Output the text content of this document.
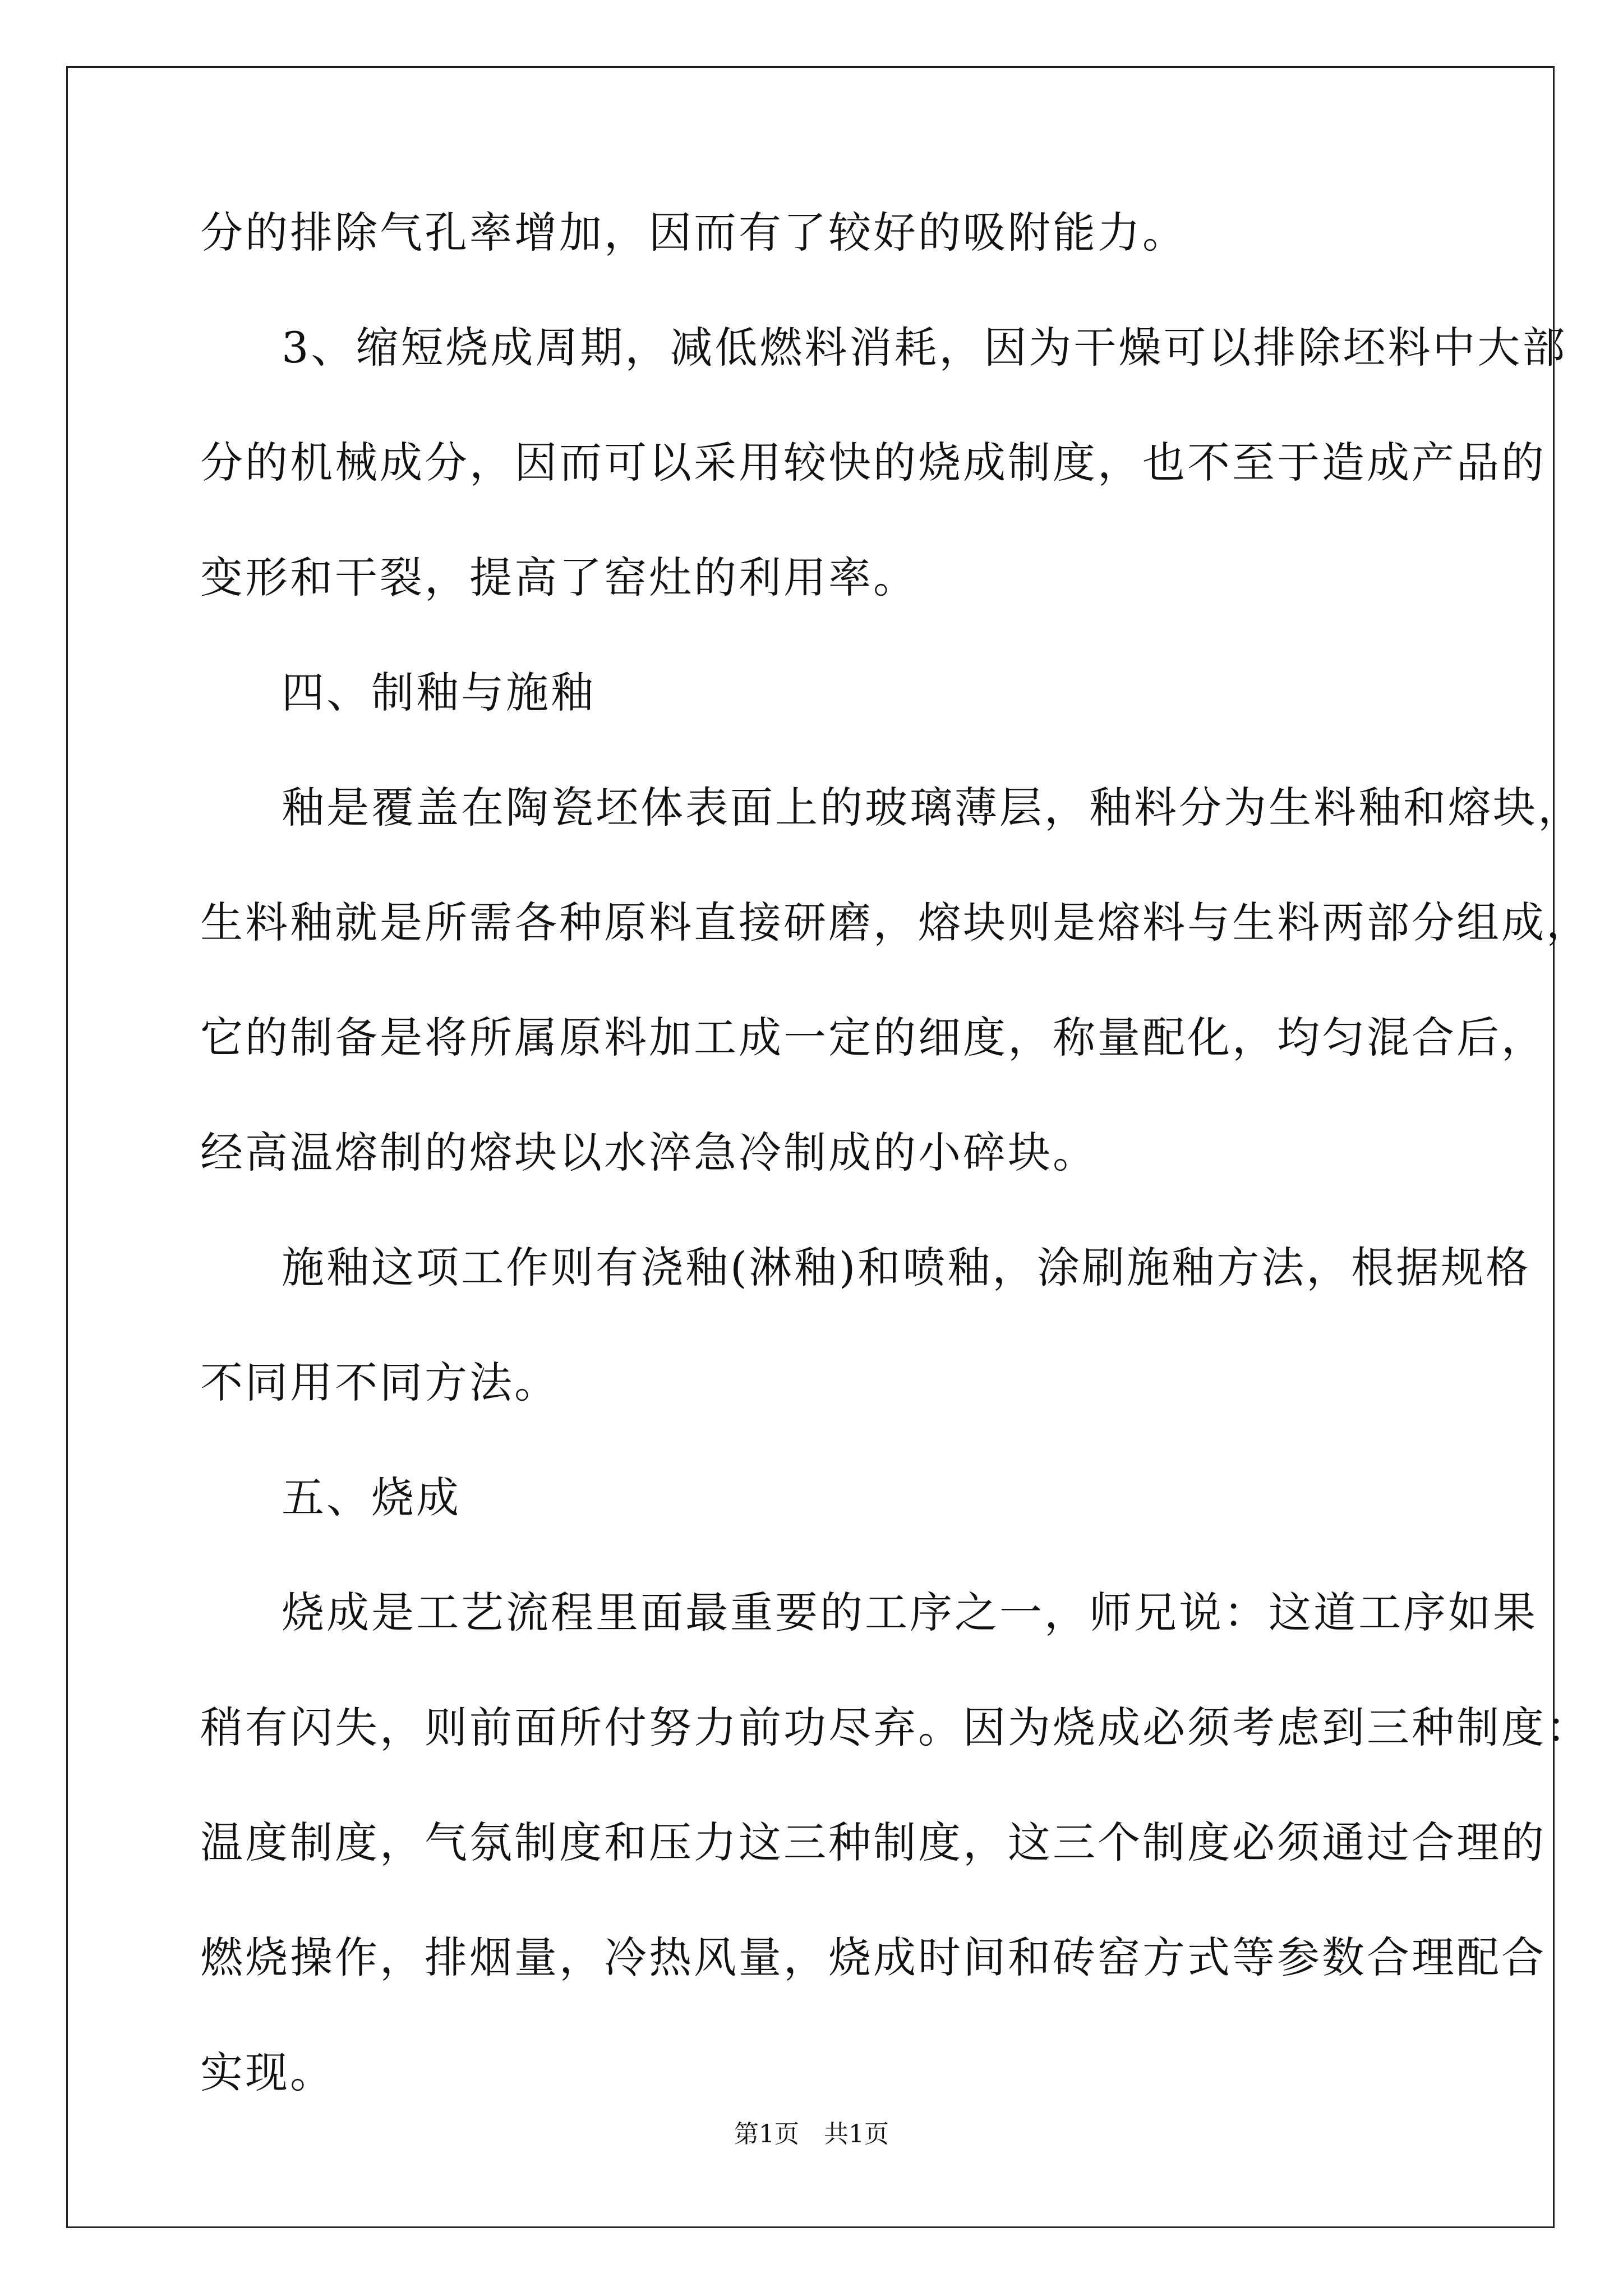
分的排除气孔率增加，因而有了较好的吸附能力。
3、缩短烧成周期，减低燃料消耗，因为干燥可以排除坯料中大部
分的机械成分，因而可以采用较快的烧成制度，也不至于造成产品的
变形和干裂，提高了窑灶的利用率。
四、制釉与施釉
釉是覆盖在陶瓷坯体表面上的玻璃薄层，釉料分为生料釉和熔块，
生料釉就是所需各种原料直接研磨，熔块则是熔料与生料两部分组成，
它的制备是将所属原料加工成一定的细度，称量配化，均匀混合后，
经高温熔制的熔块以水淬急冷制成的小碎块。
施釉这项工作则有浇釉(淋釉)和喷釉，涂刷施釉方法，根据规格
不同用不同方法。
五、烧成
烧成是工艺流程里面最重要的工序之一，师兄说：这道工序如果
稍有闪失，则前面所付努力前功尽弃。因为烧成必须考虑到三种制度：
温度制度，气氛制度和压力这三种制度，这三个制度必须通过合理的
燃烧操作，排烟量，冷热风量，烧成时间和砖窑方式等参数合理配合
实现。
第1页　共1页
